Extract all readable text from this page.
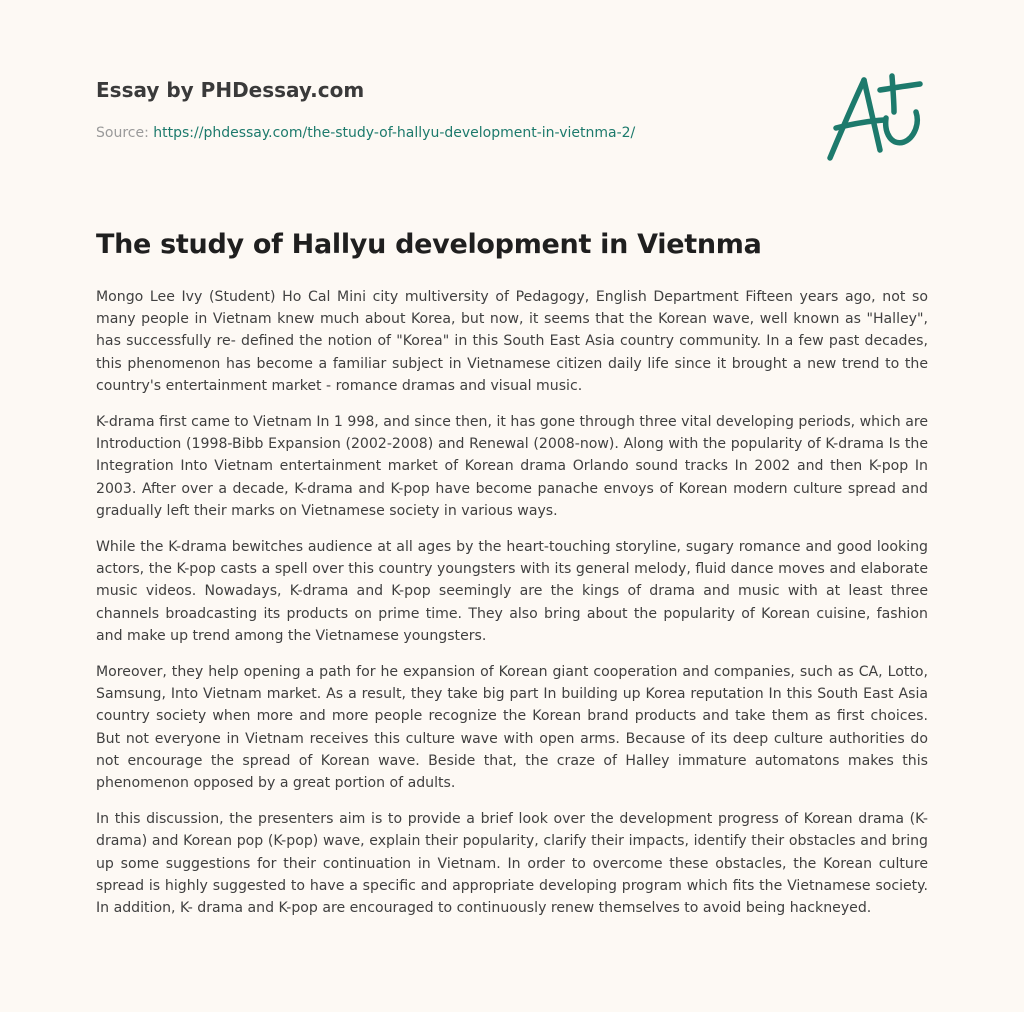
Essay by PHDessay.com
Source: https://phdessay.com/the-study-of-hallyu-development-in-vietnma-2/
The study of Hallyu development in Vietnma

Mongo Lee Ivy (Student) Ho Cal Mini city multiversity of Pedagogy, English Department Fifteen years ago, not so many people in Vietnam knew much about Korea, but now, it seems that the Korean wave, well known as "Halley", has successfully re- defined the notion of "Korea" in this South East Asia country community. In a few past decades, this phenomenon has become a familiar subject in Vietnamese citizen daily life since it brought a new trend to the country's entertainment market - romance dramas and visual music.

K-drama first came to Vietnam In 1 998, and since then, it has gone through three vital developing periods, which are Introduction (1998-Bibb Expansion (2002-2008) and Renewal (2008-now). Along with the popularity of K-drama Is the Integration Into Vietnam entertainment market of Korean drama Orlando sound tracks In 2002 and then K-pop In 2003. After over a decade, K-drama and K-pop have become panache envoys of Korean modern culture spread and gradually left their marks on Vietnamese society in various ways.

While the K-drama bewitches audience at all ages by the heart-touching storyline, sugary romance and good looking actors, the K-pop casts a spell over this country youngsters with its general melody, fluid dance moves and elaborate music videos. Nowadays, K-drama and K-pop seemingly are the kings of drama and music with at least three channels broadcasting its products on prime time. They also bring about the popularity of Korean cuisine, fashion and make up trend among the Vietnamese youngsters.

Moreover, they help opening a path for he expansion of Korean giant cooperation and companies, such as CA, Lotto, Samsung, Into Vietnam market. As a result, they take big part In building up Korea reputation In this South East Asia country society when more and more people recognize the Korean brand products and take them as first choices. But not everyone in Vietnam receives this culture wave with open arms. Because of its deep culture authorities do not encourage the spread of Korean wave. Beside that, the craze of Halley immature automatons makes this phenomenon opposed by a great portion of adults.

In this discussion, the presenters aim is to provide a brief look over the development progress of Korean drama (K-drama) and Korean pop (K-pop) wave, explain their popularity, clarify their impacts, identify their obstacles and bring up some suggestions for their continuation in Vietnam. In order to overcome these obstacles, the Korean culture spread is highly suggested to have a specific and appropriate developing program which fits the Vietnamese society. In addition, K- drama and K-pop are encouraged to continuously renew themselves to avoid being hackneyed.
